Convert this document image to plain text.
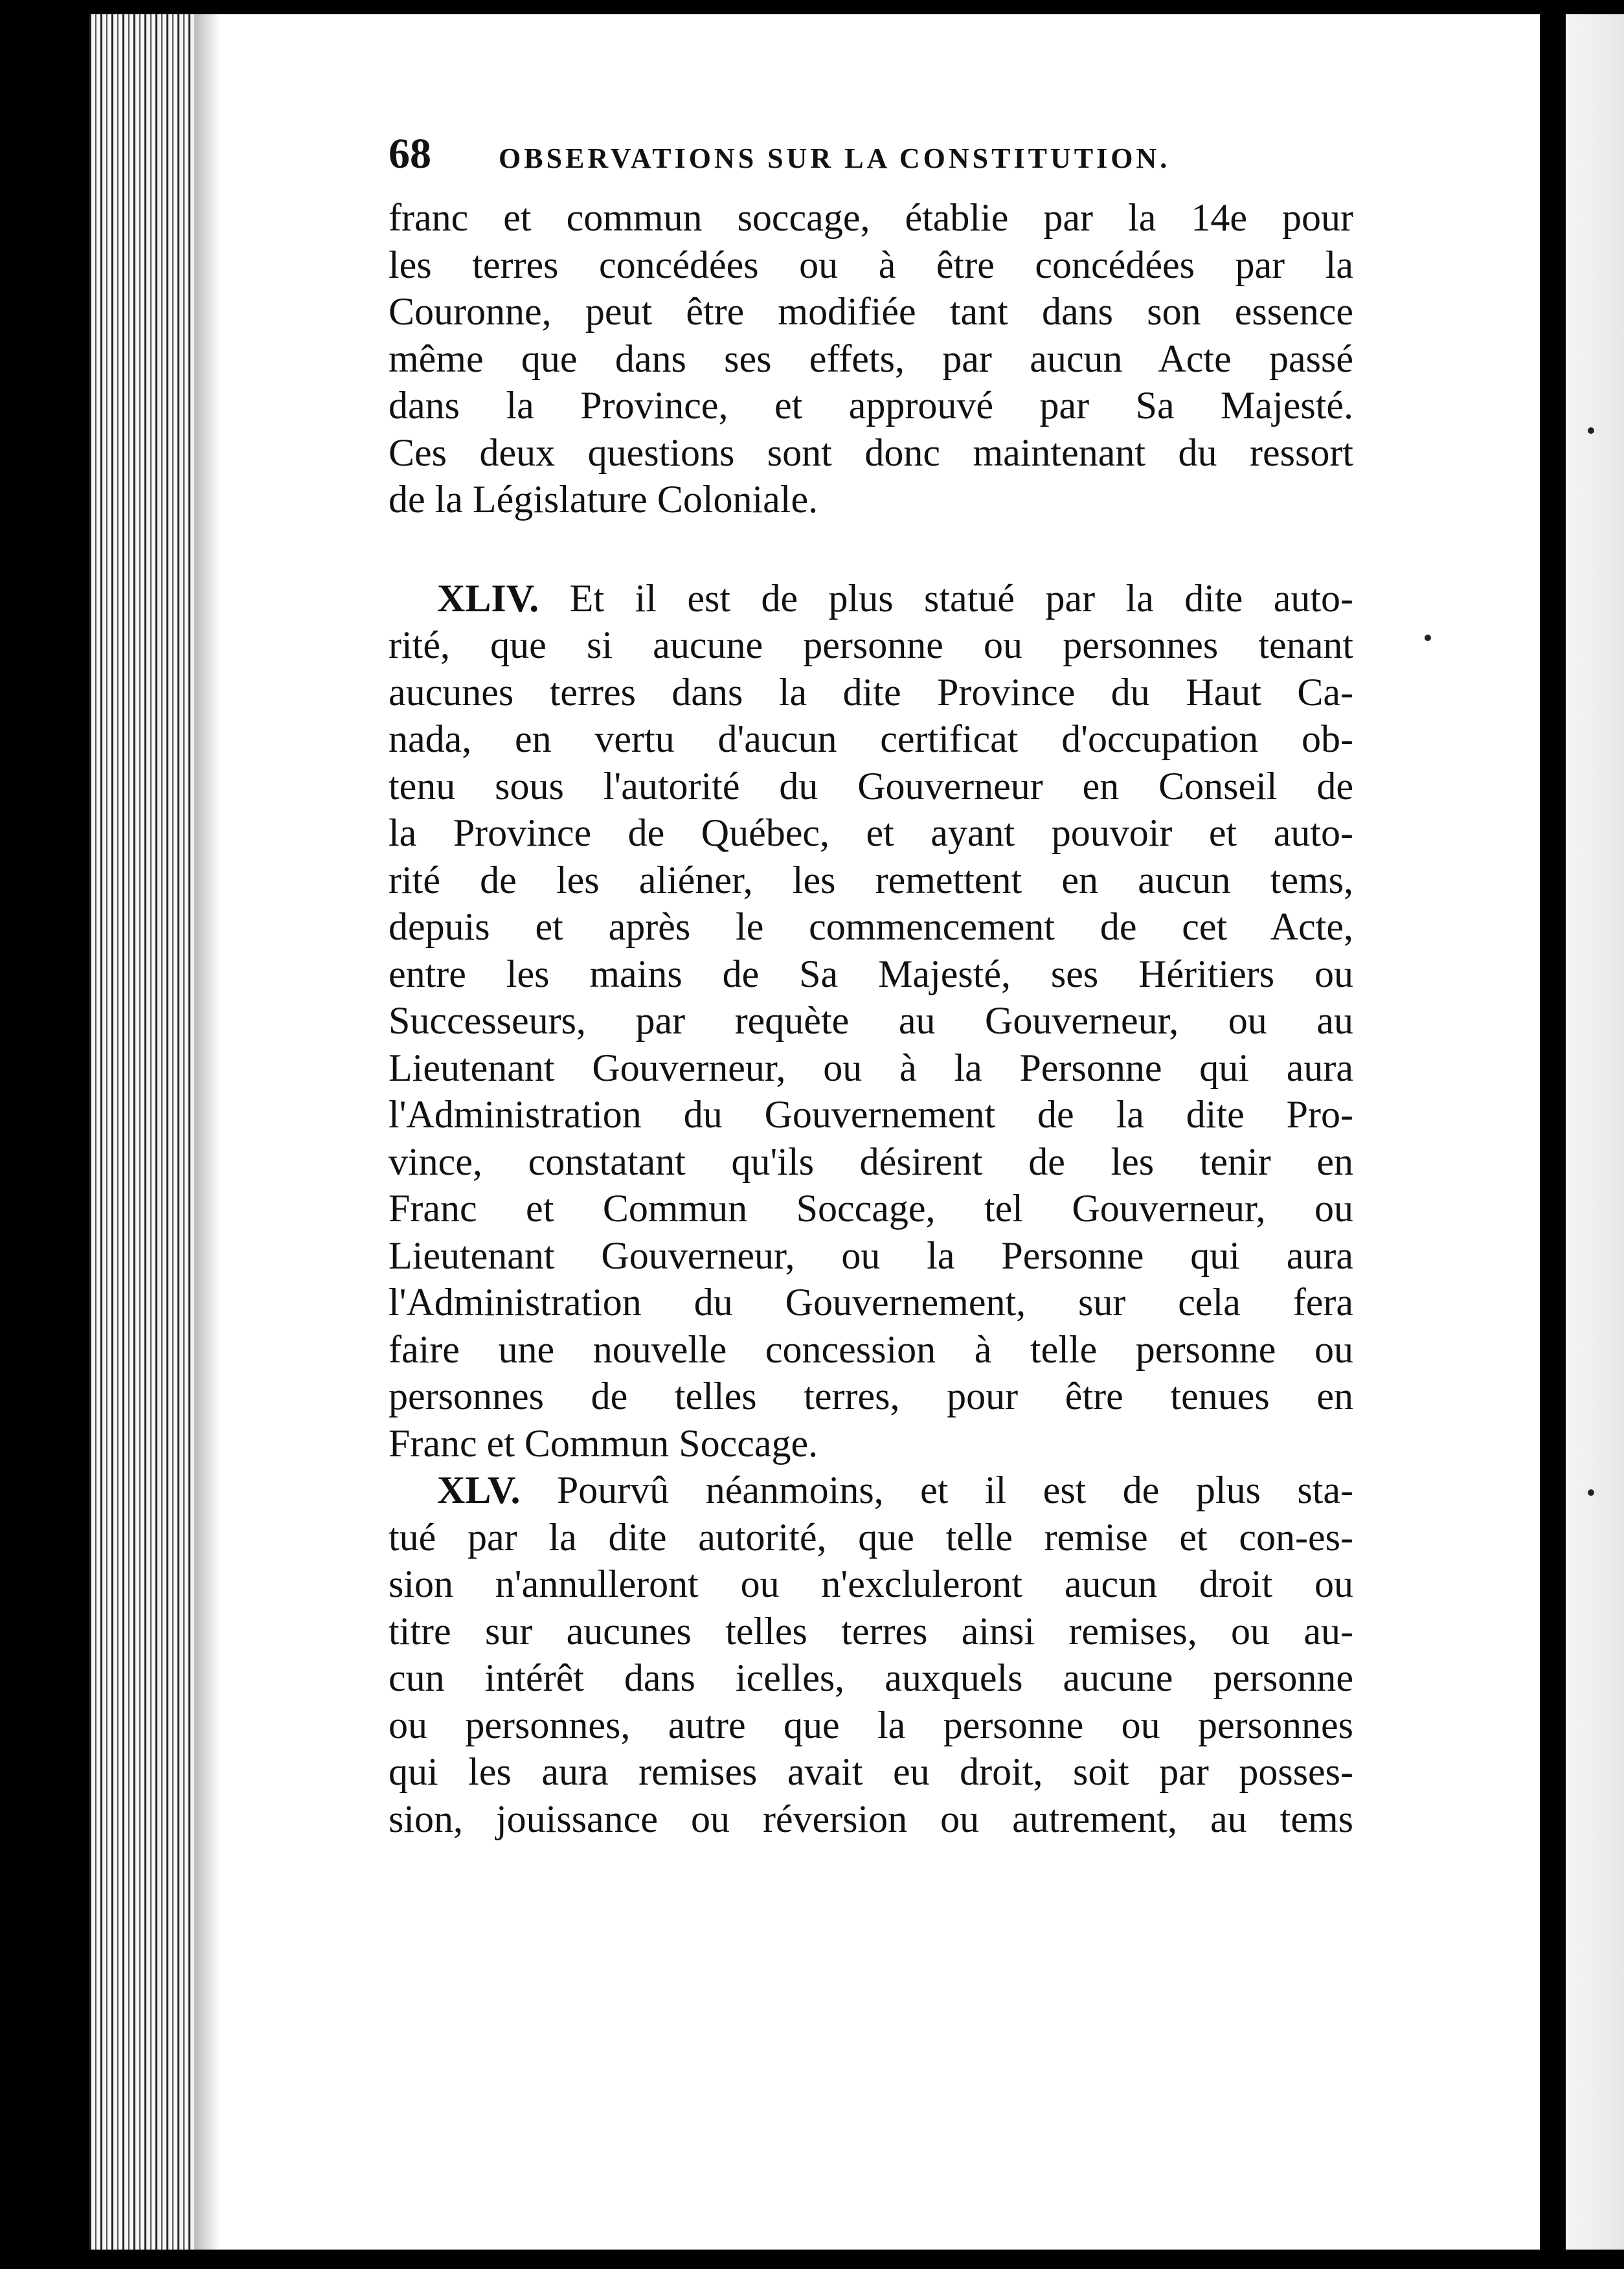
68	OBSERVATIONS SUR LA CONSTITUTION.

franc et commun soccage, établie par la 14e pour

les terres concédées ou à être concédées par la

Couronne, peut être modifiée tant dans son essence

même que dans ses effets, par aucun Acte passé

dans la Province, et approuvé par Sa Majesté.

Ces deux questions sont donc maintenant du ressort

de la Législature Coloniale.

XLIV. Et il est de plus statué par la dite auto-

rité, que si aucune personne ou personnes tenant

aucunes terres dans la dite Province du Haut Ca-

nada, en vertu d'aucun certificat d'occupation ob-

tenu sous l'autorité du Gouverneur en Conseil de

la Province de Québec, et ayant pouvoir et auto-

rité de les aliéner, les remettent en aucun tems,

depuis et après le commencement de cet Acte,

entre les mains de Sa Majesté, ses Héritiers ou

Successeurs, par requète au Gouverneur, ou au

Lieutenant Gouverneur, ou à la Personne qui aura

l'Administration du Gouvernement de la dite Pro-

vince, constatant qu'ils désirent de les tenir en

Franc et Commun Soccage, tel Gouverneur, ou

Lieutenant Gouverneur, ou la Personne qui aura

l'Administration du Gouvernement, sur cela fera

faire une nouvelle concession à telle personne ou

personnes de telles terres, pour être tenues en

Franc et Commun Soccage.

XLV. Pourvû néanmoins, et il est de plus sta-

tué par la dite autorité, que telle remise et con-es-

sion n'annulleront ou n'excluleront aucun droit ou

titre sur aucunes telles terres ainsi remises, ou au-

cun intérêt dans icelles, auxquels aucune personne

ou personnes, autre que la personne ou personnes

qui les aura remises avait eu droit, soit par posses-

sion, jouissance ou réversion ou autrement, au tems
